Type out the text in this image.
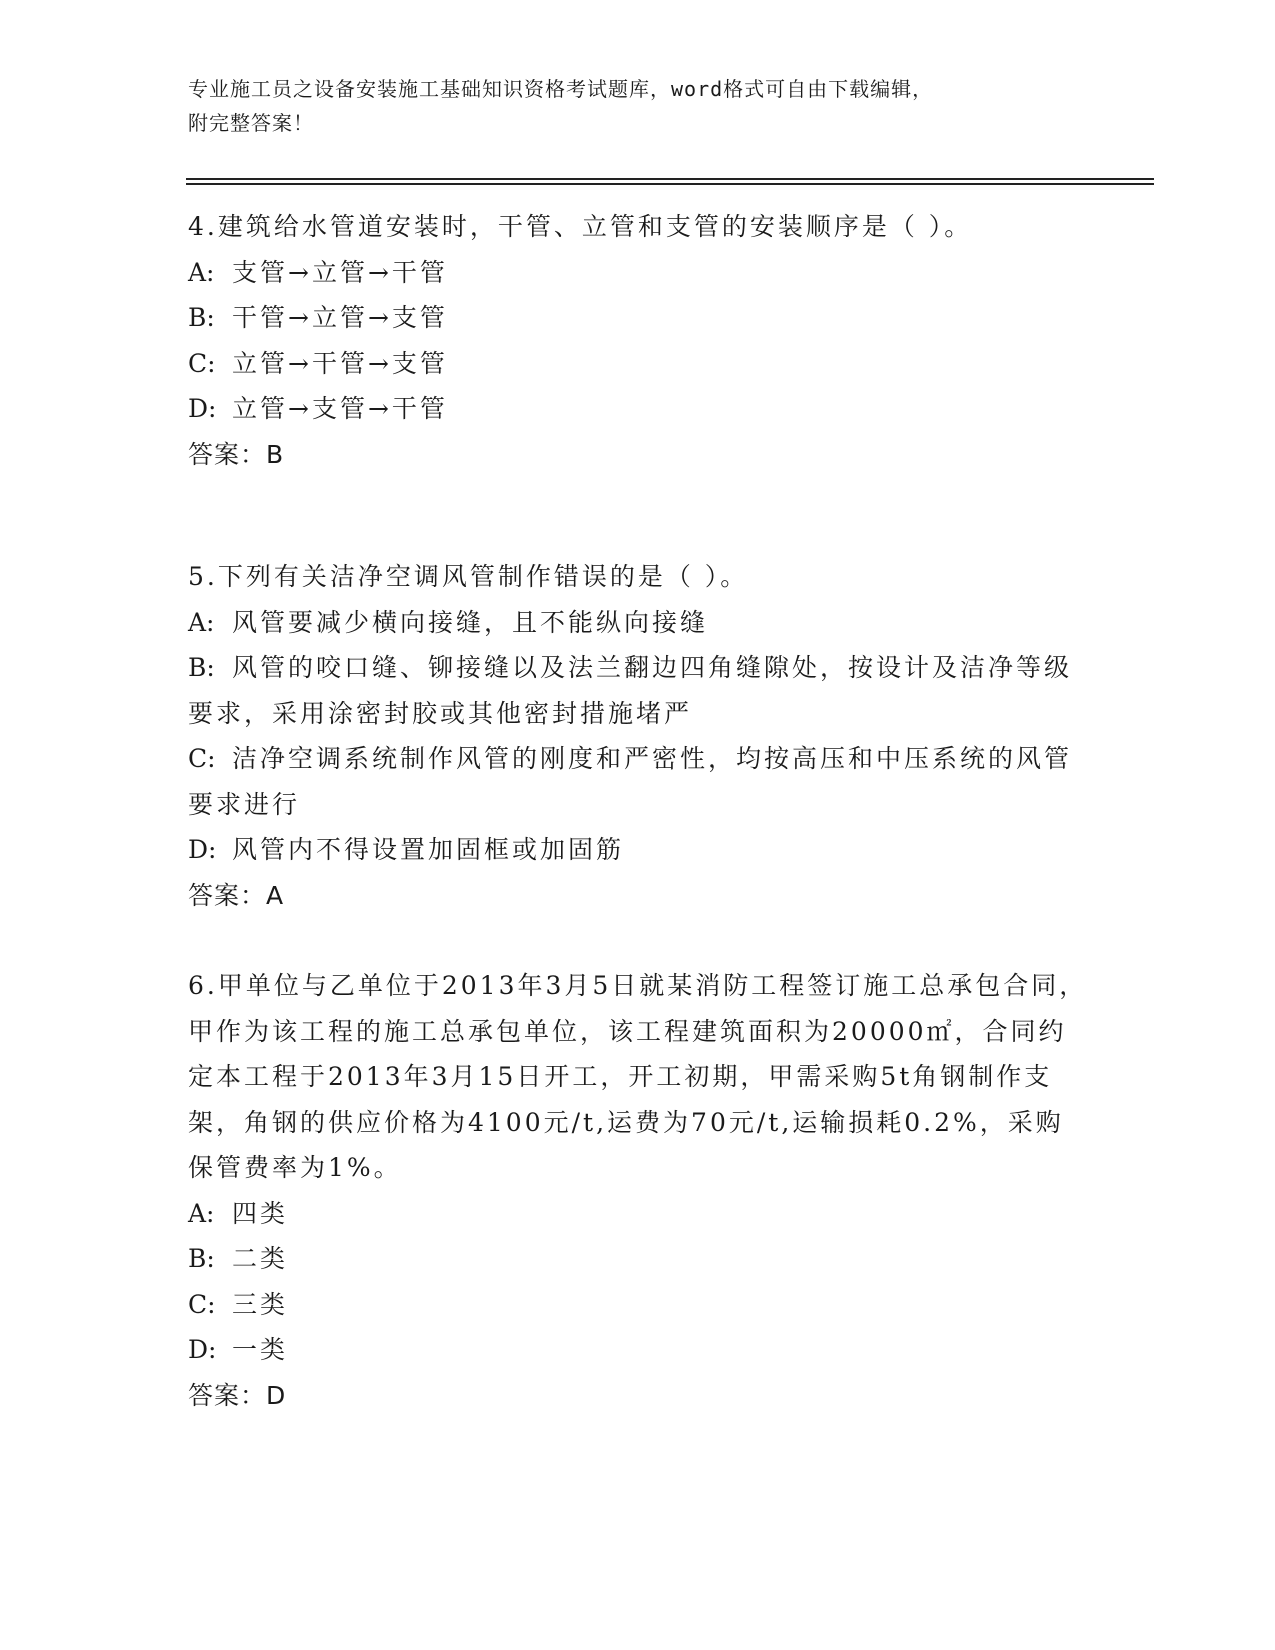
专业施工员之设备安装施工基础知识资格考试题库，word格式可自由下载编辑，
附完整答案！

4.建筑给水管道安装时，干管、立管和支管的安装顺序是（ ）。

A: 支管→立管→干管

B: 干管→立管→支管

C: 立管→干管→支管

D: 立管→支管→干管

答案：B

5.下列有关洁净空调风管制作错误的是（ ）。

A: 风管要减少横向接缝，且不能纵向接缝

B: 风管的咬口缝、铆接缝以及法兰翻边四角缝隙处，按设计及洁净等级要求，采用涂密封胶或其他密封措施堵严

C: 洁净空调系统制作风管的刚度和严密性，均按高压和中压系统的风管要求进行

D: 风管内不得设置加固框或加固筋

答案：A

6.甲单位与乙单位于2013年3月5日就某消防工程签订施工总承包合同，甲作为该工程的施工总承包单位，该工程建筑面积为20000㎡，合同约定本工程于2013年3月15日开工，开工初期，甲需采购5t角钢制作支架，角钢的供应价格为4100元/t,运费为70元/t,运输损耗0.2%，采购保管费率为1%。

A: 四类

B: 二类

C: 三类

D: 一类

答案：D
